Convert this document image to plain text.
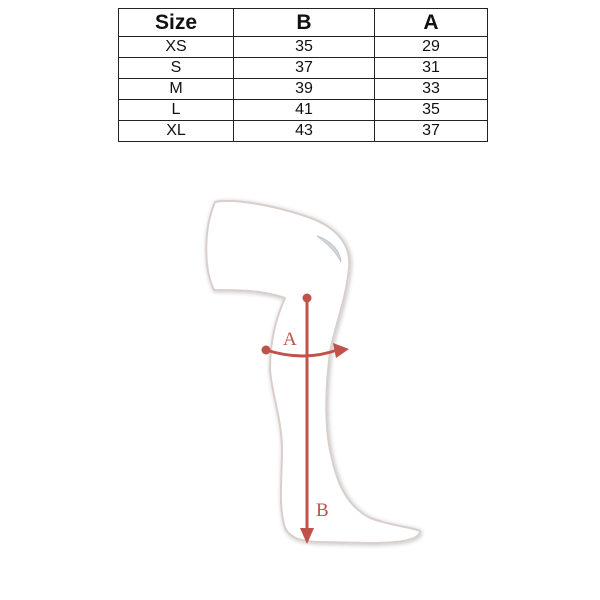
Size	B	A
XS	35	29
S	37	31
M	39	33
L	41	35
XL	43	37
A
B
